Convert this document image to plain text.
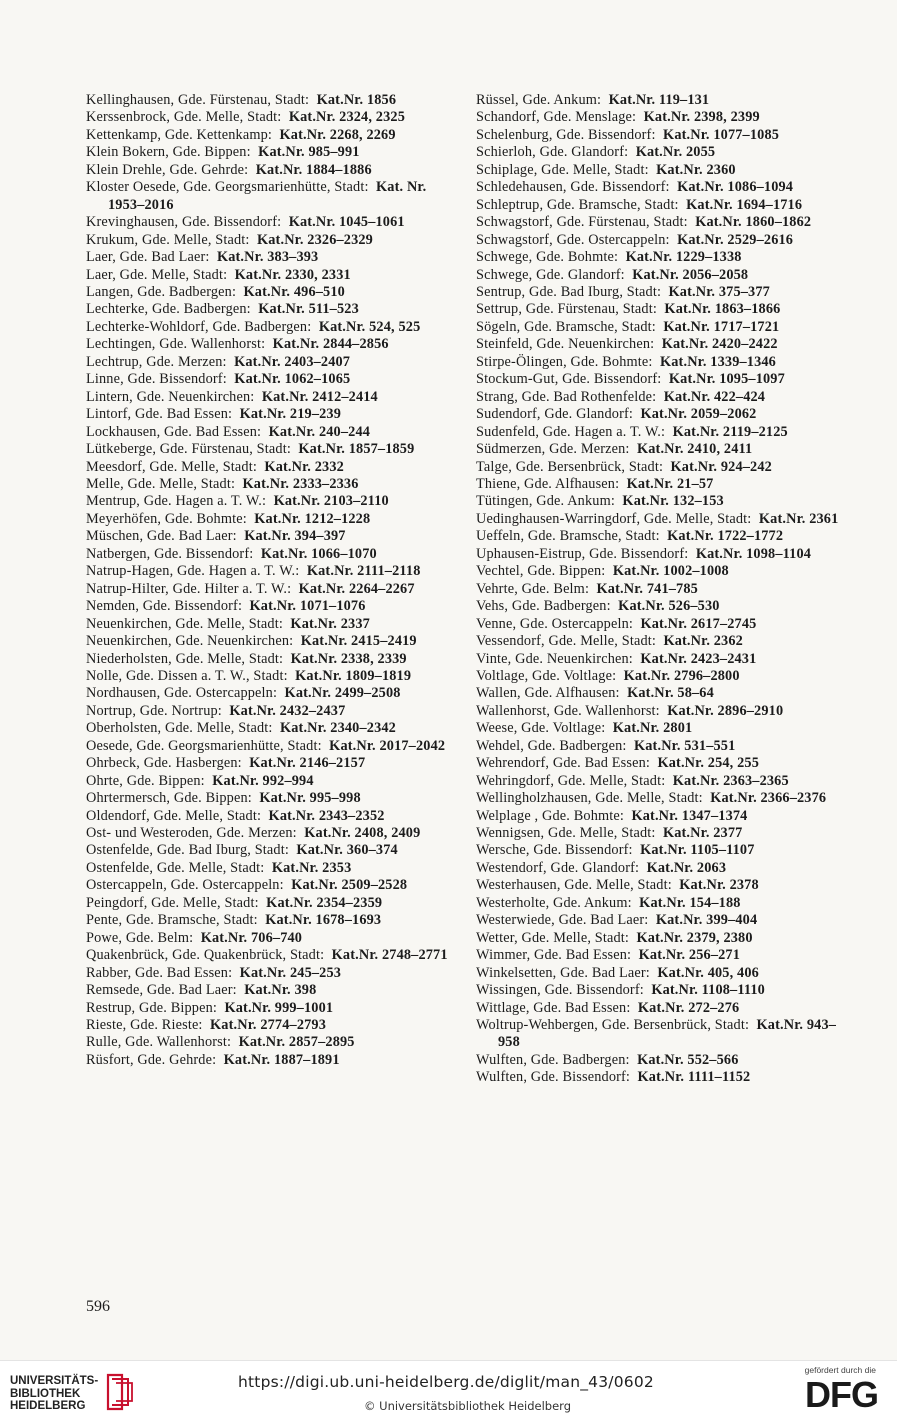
Kellinghausen, Gde. Fürstenau, Stadt: Kat.Nr. 1856
Kerssenbrock, Gde. Melle, Stadt: Kat.Nr. 2324, 2325
Kettenkamp, Gde. Kettenkamp: Kat.Nr. 2268, 2269
Klein Bokern, Gde. Bippen: Kat.Nr. 985–991
Klein Drehle, Gde. Gehrde: Kat.Nr. 1884–1886
Kloster Oesede, Gde. Georgsmarienhütte, Stadt: Kat. Nr. 1953–2016
Krevinghausen, Gde. Bissendorf: Kat.Nr. 1045–1061
Krukum, Gde. Melle, Stadt: Kat.Nr. 2326–2329
Laer, Gde. Bad Laer: Kat.Nr. 383–393
Laer, Gde. Melle, Stadt: Kat.Nr. 2330, 2331
Langen, Gde. Badbergen: Kat.Nr. 496–510
Lechterke, Gde. Badbergen: Kat.Nr. 511–523
Lechterke-Wohldorf, Gde. Badbergen: Kat.Nr. 524, 525
Lechtingen, Gde. Wallenhorst: Kat.Nr. 2844–2856
Lechtrup, Gde. Merzen: Kat.Nr. 2403–2407
Linne, Gde. Bissendorf: Kat.Nr. 1062–1065
Lintern, Gde. Neuenkirchen: Kat.Nr. 2412–2414
Lintorf, Gde. Bad Essen: Kat.Nr. 219–239
Lockhausen, Gde. Bad Essen: Kat.Nr. 240–244
Lütkeberge, Gde. Fürstenau, Stadt: Kat.Nr. 1857–1859
Meesdorf, Gde. Melle, Stadt: Kat.Nr. 2332
Melle, Gde. Melle, Stadt: Kat.Nr. 2333–2336
Mentrup, Gde. Hagen a. T. W.: Kat.Nr. 2103–2110
Meyerhöfen, Gde. Bohmte: Kat.Nr. 1212–1228
Müschen, Gde. Bad Laer: Kat.Nr. 394–397
Natbergen, Gde. Bissendorf: Kat.Nr. 1066–1070
Natrup-Hagen, Gde. Hagen a. T. W.: Kat.Nr. 2111–2118
Natrup-Hilter, Gde. Hilter a. T. W.: Kat.Nr. 2264–2267
Nemden, Gde. Bissendorf: Kat.Nr. 1071–1076
Neuenkirchen, Gde. Melle, Stadt: Kat.Nr. 2337
Neuenkirchen, Gde. Neuenkirchen: Kat.Nr. 2415–2419
Niederholsten, Gde. Melle, Stadt: Kat.Nr. 2338, 2339
Nolle, Gde. Dissen a. T. W., Stadt: Kat.Nr. 1809–1819
Nordhausen, Gde. Ostercappeln: Kat.Nr. 2499–2508
Nortrup, Gde. Nortrup: Kat.Nr. 2432–2437
Oberholsten, Gde. Melle, Stadt: Kat.Nr. 2340–2342
Oesede, Gde. Georgsmarienhütte, Stadt: Kat.Nr. 2017–2042
Ohrbeck, Gde. Hasbergen: Kat.Nr. 2146–2157
Ohrte, Gde. Bippen: Kat.Nr. 992–994
Ohrtermersch, Gde. Bippen: Kat.Nr. 995–998
Oldendorf, Gde. Melle, Stadt: Kat.Nr. 2343–2352
Ost- und Westeroden, Gde. Merzen: Kat.Nr. 2408, 2409
Ostenfelde, Gde. Bad Iburg, Stadt: Kat.Nr. 360–374
Ostenfelde, Gde. Melle, Stadt: Kat.Nr. 2353
Ostercappeln, Gde. Ostercappeln: Kat.Nr. 2509–2528
Peingdorf, Gde. Melle, Stadt: Kat.Nr. 2354–2359
Pente, Gde. Bramsche, Stadt: Kat.Nr. 1678–1693
Powe, Gde. Belm: Kat.Nr. 706–740
Quakenbrück, Gde. Quakenbrück, Stadt: Kat.Nr. 2748–2771
Rabber, Gde. Bad Essen: Kat.Nr. 245–253
Remsede, Gde. Bad Laer: Kat.Nr. 398
Restrup, Gde. Bippen: Kat.Nr. 999–1001
Rieste, Gde. Rieste: Kat.Nr. 2774–2793
Rulle, Gde. Wallenhorst: Kat.Nr. 2857–2895
Rüsfort, Gde. Gehrde: Kat.Nr. 1887–1891
Rüssel, Gde. Ankum: Kat.Nr. 119–131
Schandorf, Gde. Menslage: Kat.Nr. 2398, 2399
Schelenburg, Gde. Bissendorf: Kat.Nr. 1077–1085
Schierloh, Gde. Glandorf: Kat.Nr. 2055
Schiplage, Gde. Melle, Stadt: Kat.Nr. 2360
Schledehausen, Gde. Bissendorf: Kat.Nr. 1086–1094
Schleptrup, Gde. Bramsche, Stadt: Kat.Nr. 1694–1716
Schwagstorf, Gde. Fürstenau, Stadt: Kat.Nr. 1860–1862
Schwagstorf, Gde. Ostercappeln: Kat.Nr. 2529–2616
Schwege, Gde. Bohmte: Kat.Nr. 1229–1338
Schwege, Gde. Glandorf: Kat.Nr. 2056–2058
Sentrup, Gde. Bad Iburg, Stadt: Kat.Nr. 375–377
Settrup, Gde. Fürstenau, Stadt: Kat.Nr. 1863–1866
Sögeln, Gde. Bramsche, Stadt: Kat.Nr. 1717–1721
Steinfeld, Gde. Neuenkirchen: Kat.Nr. 2420–2422
Stirpe-Ölingen, Gde. Bohmte: Kat.Nr. 1339–1346
Stockum-Gut, Gde. Bissendorf: Kat.Nr. 1095–1097
Strang, Gde. Bad Rothenfelde: Kat.Nr. 422–424
Sudendorf, Gde. Glandorf: Kat.Nr. 2059–2062
Sudenfeld, Gde. Hagen a. T. W.: Kat.Nr. 2119–2125
Südmerzen, Gde. Merzen: Kat.Nr. 2410, 2411
Talge, Gde. Bersenbrück, Stadt: Kat.Nr. 924–242
Thiene, Gde. Alfhausen: Kat.Nr. 21–57
Tütingen, Gde. Ankum: Kat.Nr. 132–153
Uedinghausen-Warringdorf, Gde. Melle, Stadt: Kat.Nr. 2361
Ueffeln, Gde. Bramsche, Stadt: Kat.Nr. 1722–1772
Uphausen-Eistrup, Gde. Bissendorf: Kat.Nr. 1098–1104
Vechtel, Gde. Bippen: Kat.Nr. 1002–1008
Vehrte, Gde. Belm: Kat.Nr. 741–785
Vehs, Gde. Badbergen: Kat.Nr. 526–530
Venne, Gde. Ostercappeln: Kat.Nr. 2617–2745
Vessendorf, Gde. Melle, Stadt: Kat.Nr. 2362
Vinte, Gde. Neuenkirchen: Kat.Nr. 2423–2431
Voltlage, Gde. Voltlage: Kat.Nr. 2796–2800
Wallen, Gde. Alfhausen: Kat.Nr. 58–64
Wallenhorst, Gde. Wallenhorst: Kat.Nr. 2896–2910
Weese, Gde. Voltlage: Kat.Nr. 2801
Wehdel, Gde. Badbergen: Kat.Nr. 531–551
Wehrendorf, Gde. Bad Essen: Kat.Nr. 254, 255
Wehringdorf, Gde. Melle, Stadt: Kat.Nr. 2363–2365
Wellingholzhausen, Gde. Melle, Stadt: Kat.Nr. 2366–2376
Welplage , Gde. Bohmte: Kat.Nr. 1347–1374
Wennigsen, Gde. Melle, Stadt: Kat.Nr. 2377
Wersche, Gde. Bissendorf: Kat.Nr. 1105–1107
Westendorf, Gde. Glandorf: Kat.Nr. 2063
Westerhausen, Gde. Melle, Stadt: Kat.Nr. 2378
Westerholte, Gde. Ankum: Kat.Nr. 154–188
Westerwiede, Gde. Bad Laer: Kat.Nr. 399–404
Wetter, Gde. Melle, Stadt: Kat.Nr. 2379, 2380
Wimmer, Gde. Bad Essen: Kat.Nr. 256–271
Winkelsetten, Gde. Bad Laer: Kat.Nr. 405, 406
Wissingen, Gde. Bissendorf: Kat.Nr. 1108–1110
Wittlage, Gde. Bad Essen: Kat.Nr. 272–276
Woltrup-Wehbergen, Gde. Bersenbrück, Stadt: Kat.Nr. 943–958
Wulften, Gde. Badbergen: Kat.Nr. 552–566
Wulften, Gde. Bissendorf: Kat.Nr. 1111–1152
596
UNIVERSITÄTS-
BIBLIOTHEK
HEIDELBERG
https://digi.ub.uni-heidelberg.de/diglit/man_43/0602
© Universitätsbibliothek Heidelberg
gefördert durch die
DFG
